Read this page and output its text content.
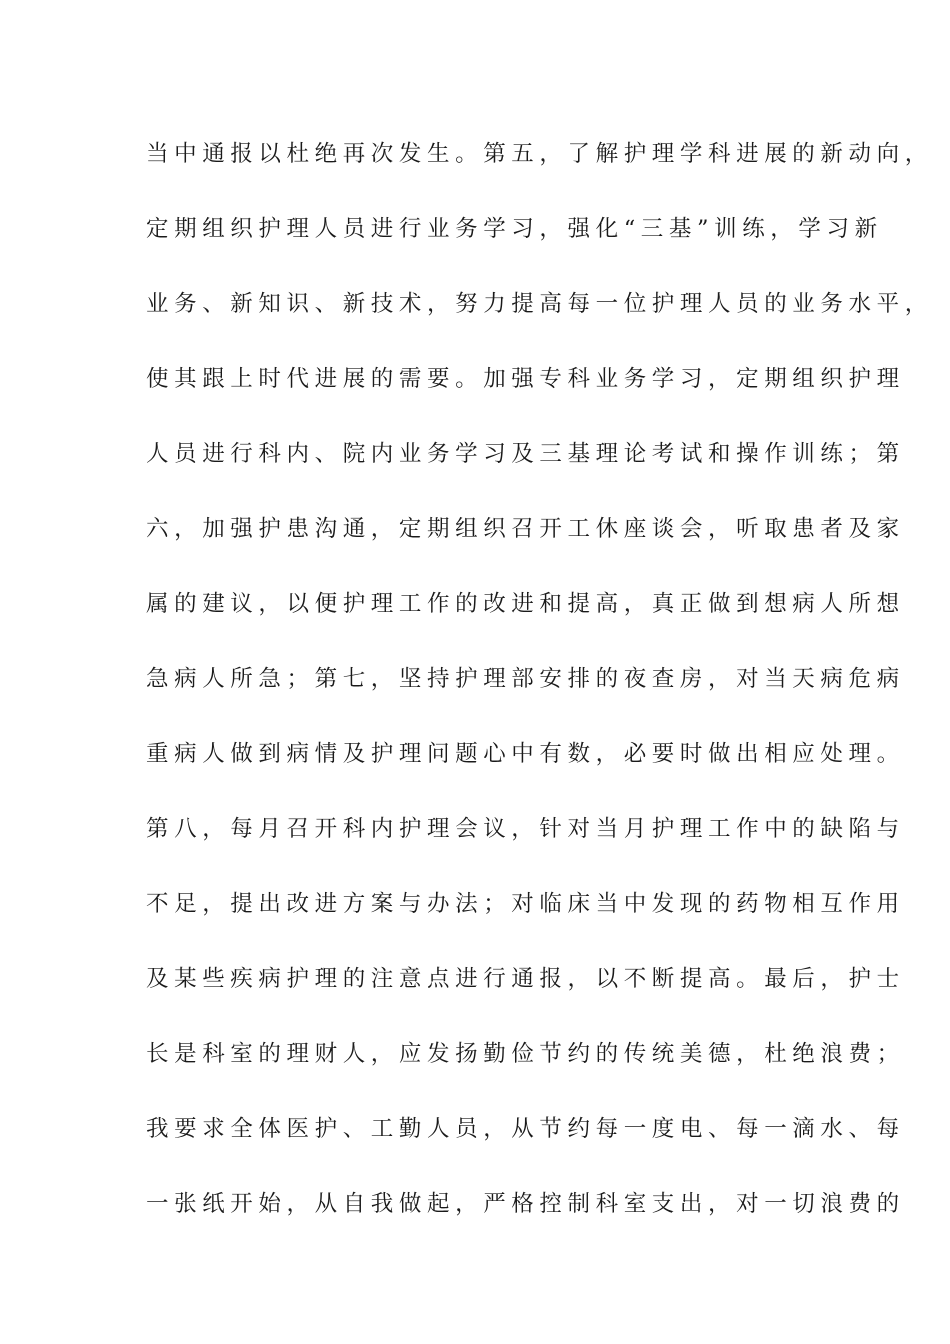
当中通报以杜绝再次发生。第五，了解护理学科进展的新动向，
定期组织护理人员进行业务学习，强化“三基”训练，学习新
业务、新知识、新技术，努力提高每一位护理人员的业务水平，
使其跟上时代进展的需要。加强专科业务学习，定期组织护理
人员进行科内、院内业务学习及三基理论考试和操作训练；第
六，加强护患沟通，定期组织召开工休座谈会，听取患者及家
属的建议，以便护理工作的改进和提高，真正做到想病人所想
急病人所急；第七，坚持护理部安排的夜查房，对当天病危病
重病人做到病情及护理问题心中有数，必要时做出相应处理。
第八，每月召开科内护理会议，针对当月护理工作中的缺陷与
不足，提出改进方案与办法；对临床当中发现的药物相互作用
及某些疾病护理的注意点进行通报，以不断提高。最后，护士
长是科室的理财人，应发扬勤俭节约的传统美德，杜绝浪费；
我要求全体医护、工勤人员，从节约每一度电、每一滴水、每
一张纸开始，从自我做起，严格控制科室支出，对一切浪费的
